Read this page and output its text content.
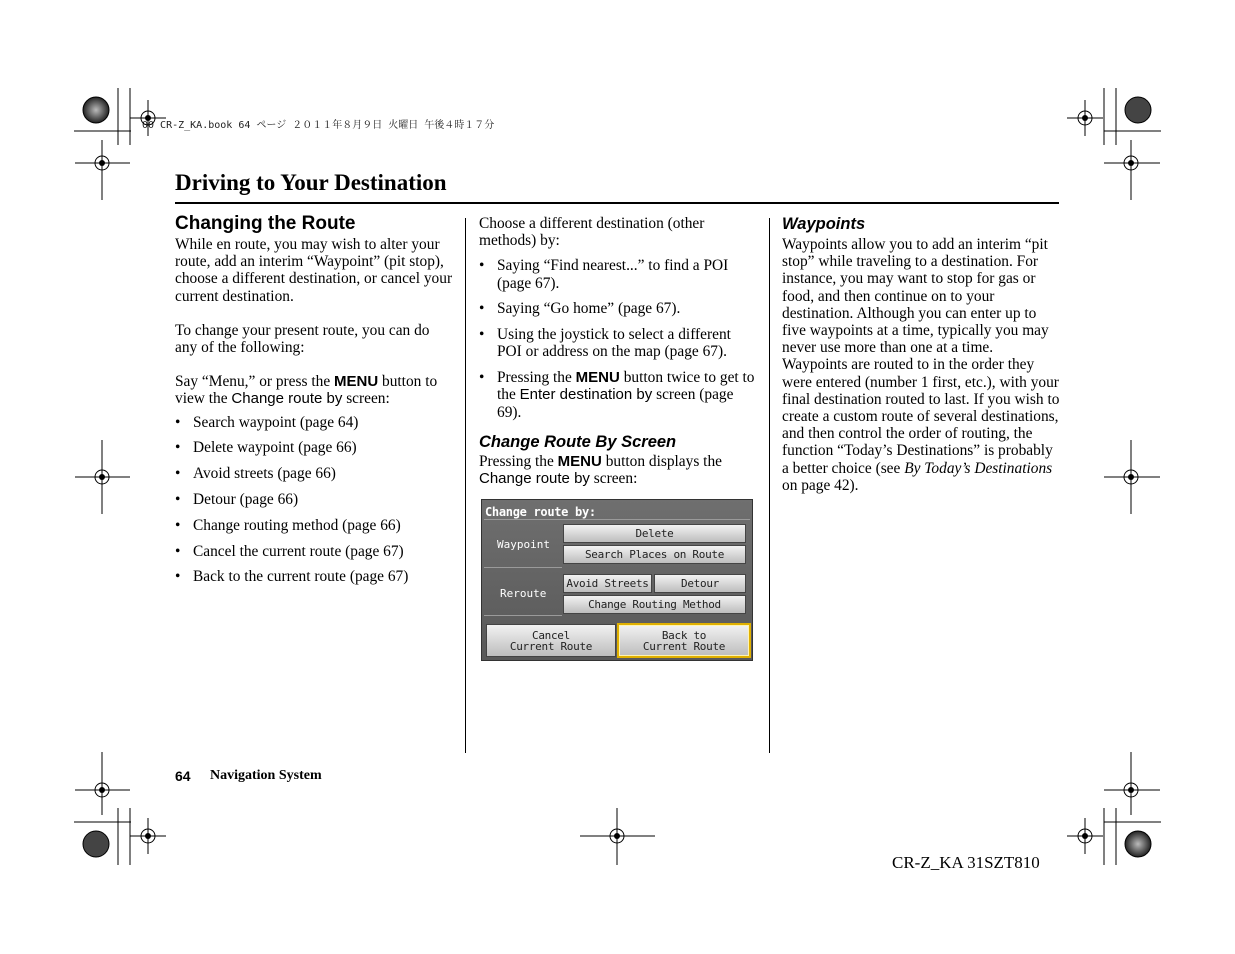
00 CR-Z_KA.book 64 ページ ２０１１年８月９日 火曜日 午後４時１７分
Driving to Your Destination
Changing the Route

While en route, you may wish to alter your route, add an interim “Waypoint” (pit stop), choose a different destination, or cancel your current destination.

To change your present route, you can do any of the following:

Say “Menu,” or press the MENU button to view the Change route by screen:

• Search waypoint (page 64)
• Delete waypoint (page 66)
• Avoid streets (page 66)
• Detour (page 66)
• Change routing method (page 66)
• Cancel the current route (page 67)
• Back to the current route (page 67)

Choose a different destination (other methods) by:

• Saying “Find nearest...” to find a POI (page 67).
• Saying “Go home” (page 67).
• Using the joystick to select a different POI or address on the map (page 67).
• Pressing the MENU button twice to get to the Enter destination by screen (page 69).
Change Route By Screen

Pressing the MENU button displays the Change route by screen:

Change route by:
Waypoint
Reroute
Delete
Search Places on Route
Avoid Streets	Detour
Change Routing Method
Cancel
Current Route
Back to
Current Route
Waypoints

Waypoints allow you to add an interim “pit stop” while traveling to a destination. For instance, you may want to stop for gas or food, and then continue on to your destination. Although you can enter up to five waypoints at a time, typically you may never use more than one at a time. Waypoints are routed to in the order they were entered (number 1 first, etc.), with your final destination routed to last. If you wish to create a custom route of several destinations, and then control the order of routing, the function “Today’s Destinations” is probably a better choice (see By Today’s Destinations on page 42).

64 Navigation System
CR-Z_KA 31SZT810
